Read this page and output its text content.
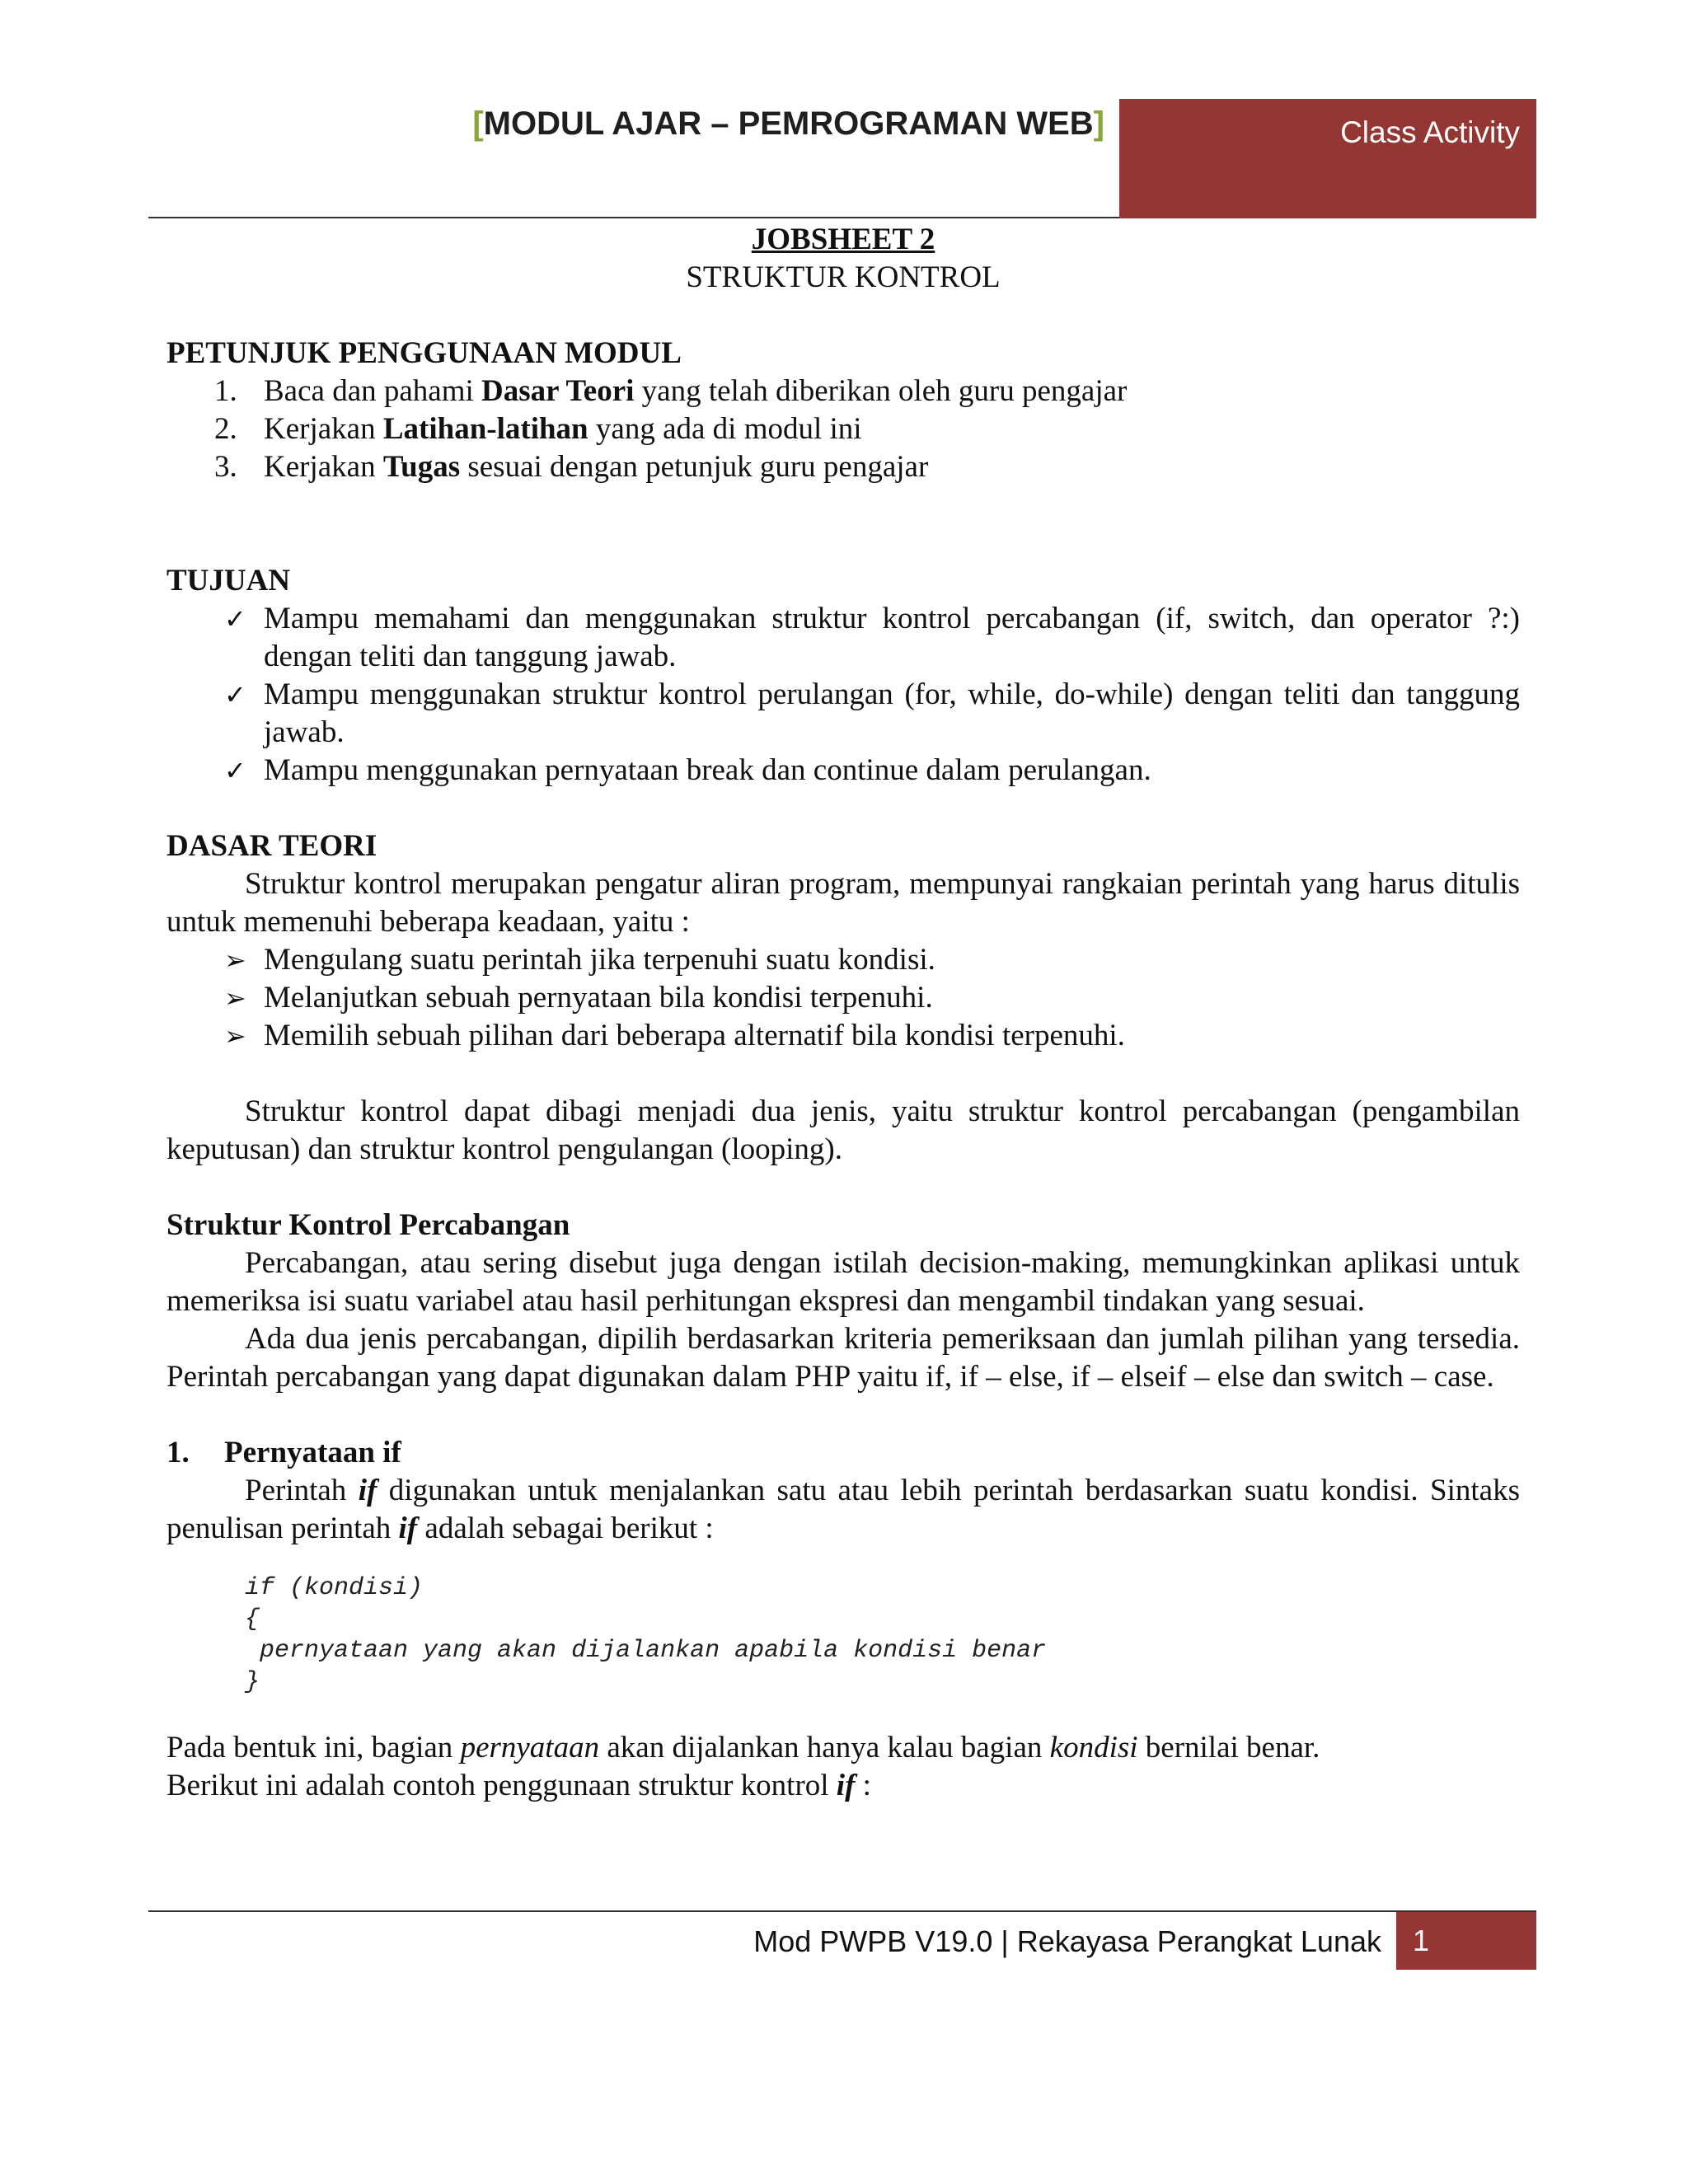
[MODUL AJAR – PEMROGRAMAN WEB]	Class Activity
JOBSHEET 2
STRUKTUR KONTROL
PETUNJUK PENGGUNAAN MODUL
1. Baca dan pahami Dasar Teori yang telah diberikan oleh guru pengajar
2. Kerjakan Latihan-latihan yang ada di modul ini
3. Kerjakan Tugas sesuai dengan petunjuk guru pengajar
TUJUAN
✓ Mampu memahami dan menggunakan struktur kontrol percabangan (if, switch, dan operator ?:) dengan teliti dan tanggung jawab.
✓ Mampu menggunakan struktur kontrol perulangan (for, while, do-while) dengan teliti dan tanggung jawab.
✓ Mampu menggunakan pernyataan break dan continue dalam perulangan.
DASAR TEORI
Struktur kontrol merupakan pengatur aliran program, mempunyai rangkaian perintah yang harus ditulis untuk memenuhi beberapa keadaan, yaitu :
➢ Mengulang suatu perintah jika terpenuhi suatu kondisi.
➢ Melanjutkan sebuah pernyataan bila kondisi terpenuhi.
➢ Memilih sebuah pilihan dari beberapa alternatif bila kondisi terpenuhi.
Struktur kontrol dapat dibagi menjadi dua jenis, yaitu struktur kontrol percabangan (pengambilan keputusan) dan struktur kontrol pengulangan (looping).
Struktur Kontrol Percabangan
Percabangan, atau sering disebut juga dengan istilah decision-making, memungkinkan aplikasi untuk memeriksa isi suatu variabel atau hasil perhitungan ekspresi dan mengambil tindakan yang sesuai.
Ada dua jenis percabangan, dipilih berdasarkan kriteria pemeriksaan dan jumlah pilihan yang tersedia. Perintah percabangan yang dapat digunakan dalam PHP yaitu if, if – else, if – elseif – else dan switch – case.
1. Pernyataan if
Perintah if digunakan untuk menjalankan satu atau lebih perintah berdasarkan suatu kondisi. Sintaks penulisan perintah if adalah sebagai berikut :
if (kondisi)
{
pernyataan yang akan dijalankan apabila kondisi benar
}
Pada bentuk ini, bagian pernyataan akan dijalankan hanya kalau bagian kondisi bernilai benar.
Berikut ini adalah contoh penggunaan struktur kontrol if :
Mod PWPB V19.0 | Rekayasa Perangkat Lunak 1
